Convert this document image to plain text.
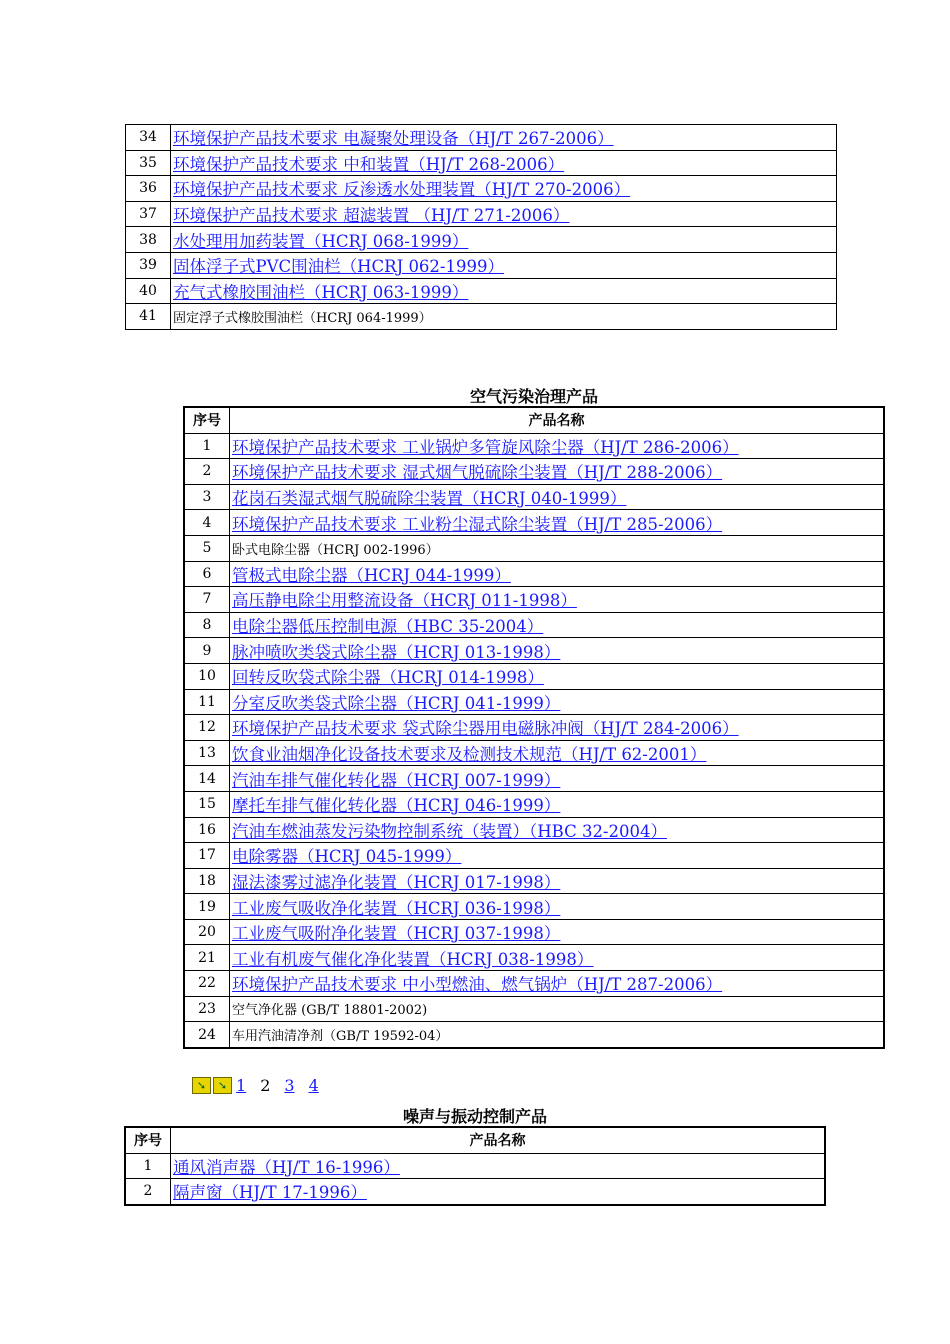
34	环境保护产品技术要求 电凝聚处理设备（HJ/T 267-2006）
35	环境保护产品技术要求 中和装置（HJ/T 268-2006）
36	环境保护产品技术要求 反渗透水处理装置（HJ/T 270-2006）
37	环境保护产品技术要求 超滤装置 （HJ/T 271-2006）
38	水处理用加药装置（HCRJ 068-1999）
39	固体浮子式PVC围油栏（HCRJ 062-1999）
40	充气式橡胶围油栏（HCRJ 063-1999）
41	固定浮子式橡胶围油栏（HCRJ 064-1999）
空气污染治理产品
序号	产品名称
1	环境保护产品技术要求 工业锅炉多管旋风除尘器（HJ/T 286-2006）
2	环境保护产品技术要求 湿式烟气脱硫除尘装置（HJ/T 288-2006）
3	花岗石类湿式烟气脱硫除尘装置（HCRJ 040-1999）
4	环境保护产品技术要求 工业粉尘湿式除尘装置（HJ/T 285-2006）
5	卧式电除尘器（HCRJ 002-1996）
6	管极式电除尘器（HCRJ 044-1999）
7	高压静电除尘用整流设备（HCRJ 011-1998）
8	电除尘器低压控制电源（HBC 35-2004）
9	脉冲喷吹类袋式除尘器（HCRJ 013-1998）
10	回转反吹袋式除尘器（HCRJ 014-1998）
11	分室反吹类袋式除尘器（HCRJ 041-1999）
12	环境保护产品技术要求 袋式除尘器用电磁脉冲阀（HJ/T 284-2006）
13	饮食业油烟净化设备技术要求及检测技术规范（HJ/T 62-2001）
14	汽油车排气催化转化器（HCRJ 007-1999）
15	摩托车排气催化转化器（HCRJ 046-1999）
16	汽油车燃油蒸发污染物控制系统（装置）（HBC 32-2004）
17	电除雾器（HCRJ 045-1999）
18	湿法漆雾过滤净化装置（HCRJ 017-1998）
19	工业废气吸收净化装置（HCRJ 036-1998）
20	工业废气吸附净化装置（HCRJ 037-1998）
21	工业有机废气催化净化装置（HCRJ 038-1998）
22	环境保护产品技术要求 中小型燃油、燃气锅炉（HJ/T 287-2006）
23	空气净化器 (GB/T 18801-2002)
24	车用汽油清净剂（GB/T 19592-04）
➘	➘ 1 2 3 4
噪声与振动控制产品
序号	产品名称
1	通风消声器（HJ/T 16-1996）
2	隔声窗（HJ/T 17-1996）
